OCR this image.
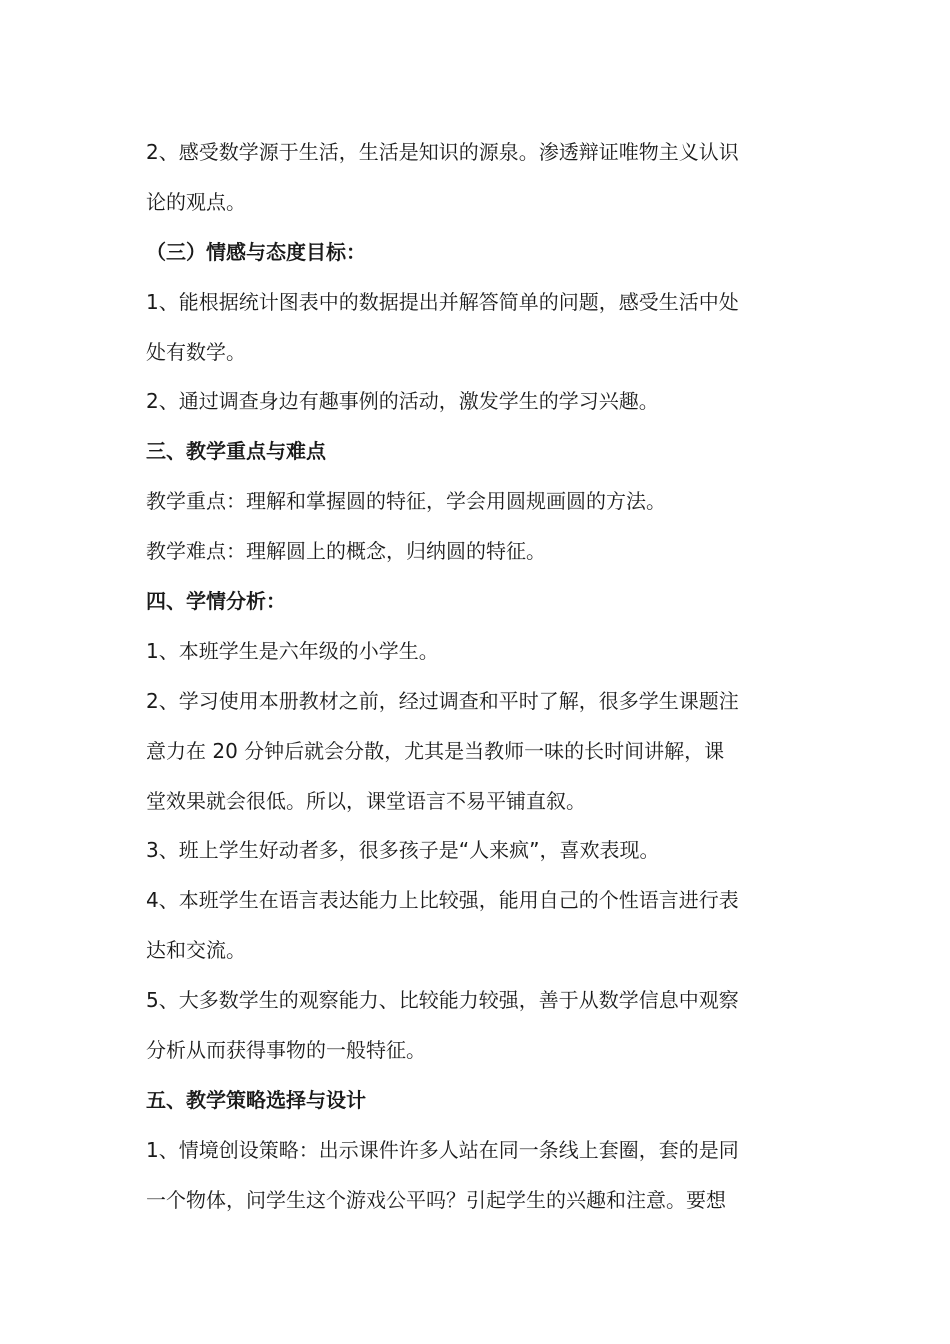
2、感受数学源于生活，生活是知识的源泉。渗透辩证唯物主义认识
论的观点。
（三）情感与态度目标：
1、能根据统计图表中的数据提出并解答简单的问题，感受生活中处
处有数学。
2、通过调查身边有趣事例的活动，激发学生的学习兴趣。
三、教学重点与难点
教学重点：理解和掌握圆的特征，学会用圆规画圆的方法。
教学难点：理解圆上的概念，归纳圆的特征。
四、学情分析：
1、本班学生是六年级的小学生。
2、学习使用本册教材之前，经过调查和平时了解，很多学生课题注
意力在 20 分钟后就会分散，尤其是当教师一味的长时间讲解，课
堂效果就会很低。所以，课堂语言不易平铺直叙。
3、班上学生好动者多，很多孩子是“人来疯”，喜欢表现。
4、本班学生在语言表达能力上比较强，能用自己的个性语言进行表
达和交流。
5、大多数学生的观察能力、比较能力较强，善于从数学信息中观察
分析从而获得事物的一般特征。
五、教学策略选择与设计
1、情境创设策略：出示课件许多人站在同一条线上套圈，套的是同
一个物体，问学生这个游戏公平吗？引起学生的兴趣和注意。要想
